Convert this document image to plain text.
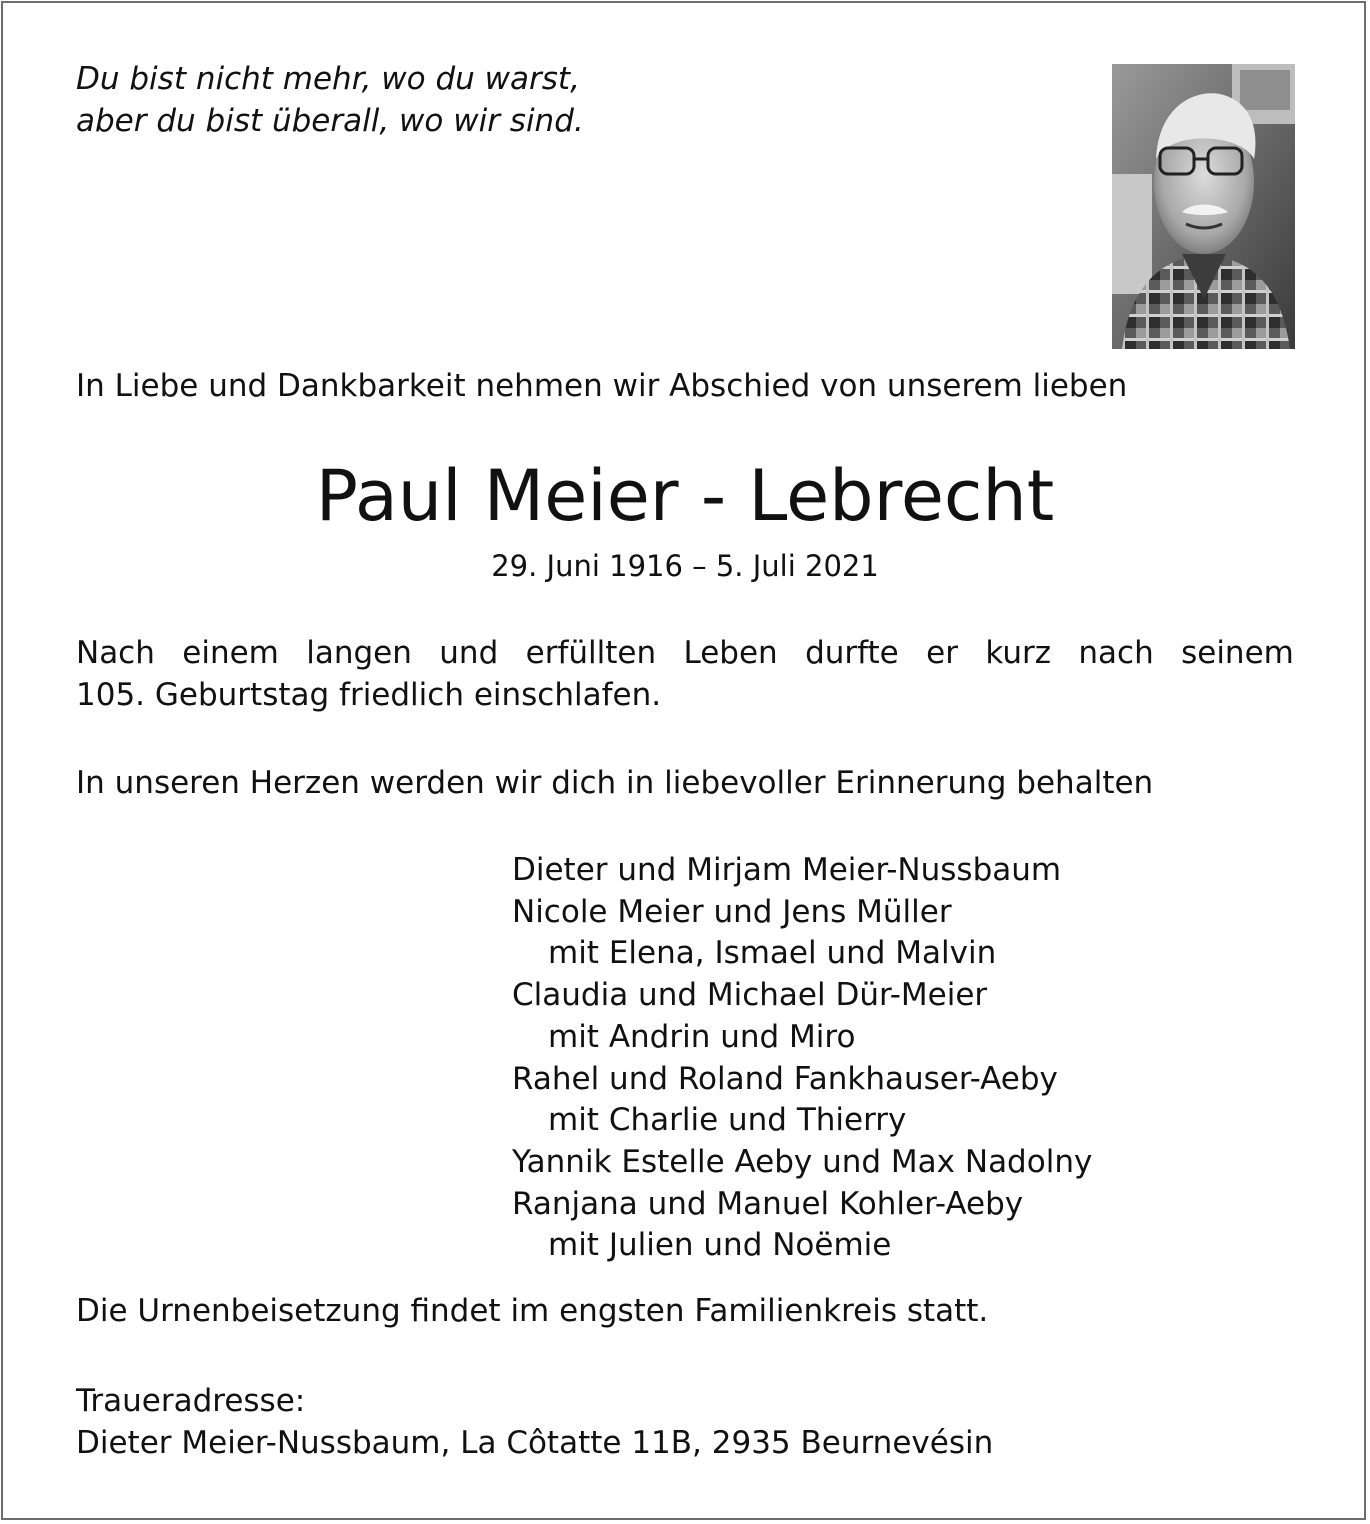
Du bist nicht mehr, wo du warst,
aber du bist überall, wo wir sind.
In Liebe und Dankbarkeit nehmen wir Abschied von unserem lieben
Paul Meier - Lebrecht
29. Juni 1916 – 5. Juli 2021
Nach einem langen und erfüllten Leben durfte er kurz nach seinem
105. Geburtstag friedlich einschlafen.
In unseren Herzen werden wir dich in liebevoller Erinnerung behalten
Dieter und Mirjam Meier-Nussbaum
Nicole Meier und Jens Müller
mit Elena, Ismael und Malvin
Claudia und Michael Dür-Meier
mit Andrin und Miro
Rahel und Roland Fankhauser-Aeby
mit Charlie und Thierry
Yannik Estelle Aeby und Max Nadolny
Ranjana und Manuel Kohler-Aeby
mit Julien und Noëmie
Die Urnenbeisetzung findet im engsten Familienkreis statt.
Traueradresse:
Dieter Meier-Nussbaum, La Côtatte 11B, 2935 Beurnevésin
